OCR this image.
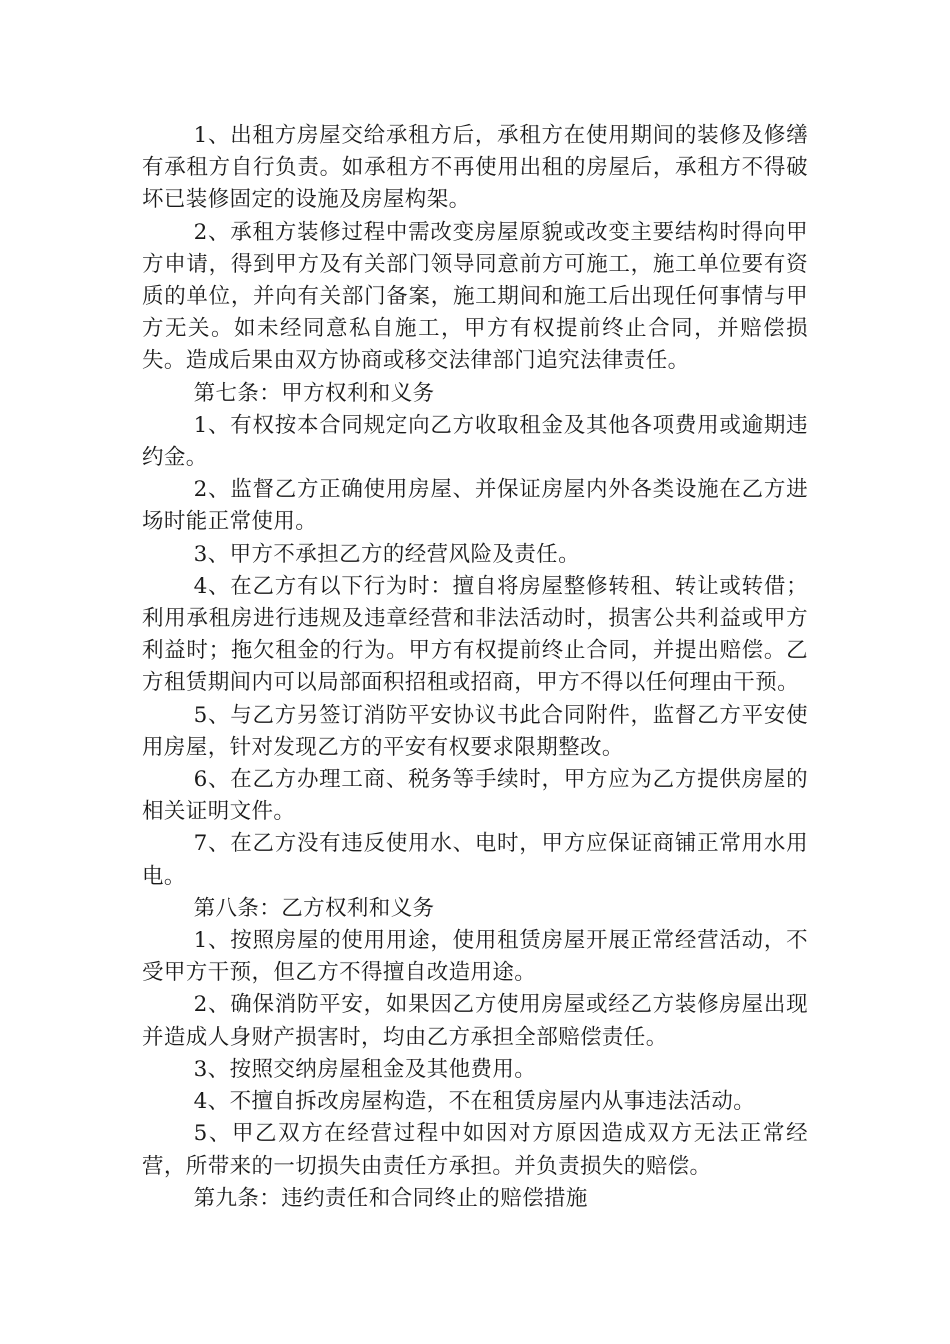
1、出租方房屋交给承租方后，承租方在使用期间的装修及修缮有承租方自行负责。如承租方不再使用出租的房屋后，承租方不得破坏已装修固定的设施及房屋构架。

2、承租方装修过程中需改变房屋原貌或改变主要结构时得向甲方申请，得到甲方及有关部门领导同意前方可施工，施工单位要有资质的单位，并向有关部门备案，施工期间和施工后出现任何事情与甲方无关。如未经同意私自施工，甲方有权提前终止合同，并赔偿损失。造成后果由双方协商或移交法律部门追究法律责任。

第七条：甲方权利和义务

1、有权按本合同规定向乙方收取租金及其他各项费用或逾期违约金。

2、监督乙方正确使用房屋、并保证房屋内外各类设施在乙方进场时能正常使用。

3、甲方不承担乙方的经营风险及责任。

4、在乙方有以下行为时：擅自将房屋整修转租、转让或转借；利用承租房进行违规及违章经营和非法活动时，损害公共利益或甲方利益时；拖欠租金的行为。甲方有权提前终止合同，并提出赔偿。乙方租赁期间内可以局部面积招租或招商，甲方不得以任何理由干预。

5、与乙方另签订消防平安协议书此合同附件，监督乙方平安使用房屋，针对发现乙方的平安有权要求限期整改。

6、在乙方办理工商、税务等手续时，甲方应为乙方提供房屋的相关证明文件。

7、在乙方没有违反使用水、电时，甲方应保证商铺正常用水用电。

第八条：乙方权利和义务

1、按照房屋的使用用途，使用租赁房屋开展正常经营活动，不受甲方干预，但乙方不得擅自改造用途。

2、确保消防平安，如果因乙方使用房屋或经乙方装修房屋出现并造成人身财产损害时，均由乙方承担全部赔偿责任。

3、按照交纳房屋租金及其他费用。

4、不擅自拆改房屋构造，不在租赁房屋内从事违法活动。

5、甲乙双方在经营过程中如因对方原因造成双方无法正常经营，所带来的一切损失由责任方承担。并负责损失的赔偿。

第九条：违约责任和合同终止的赔偿措施
